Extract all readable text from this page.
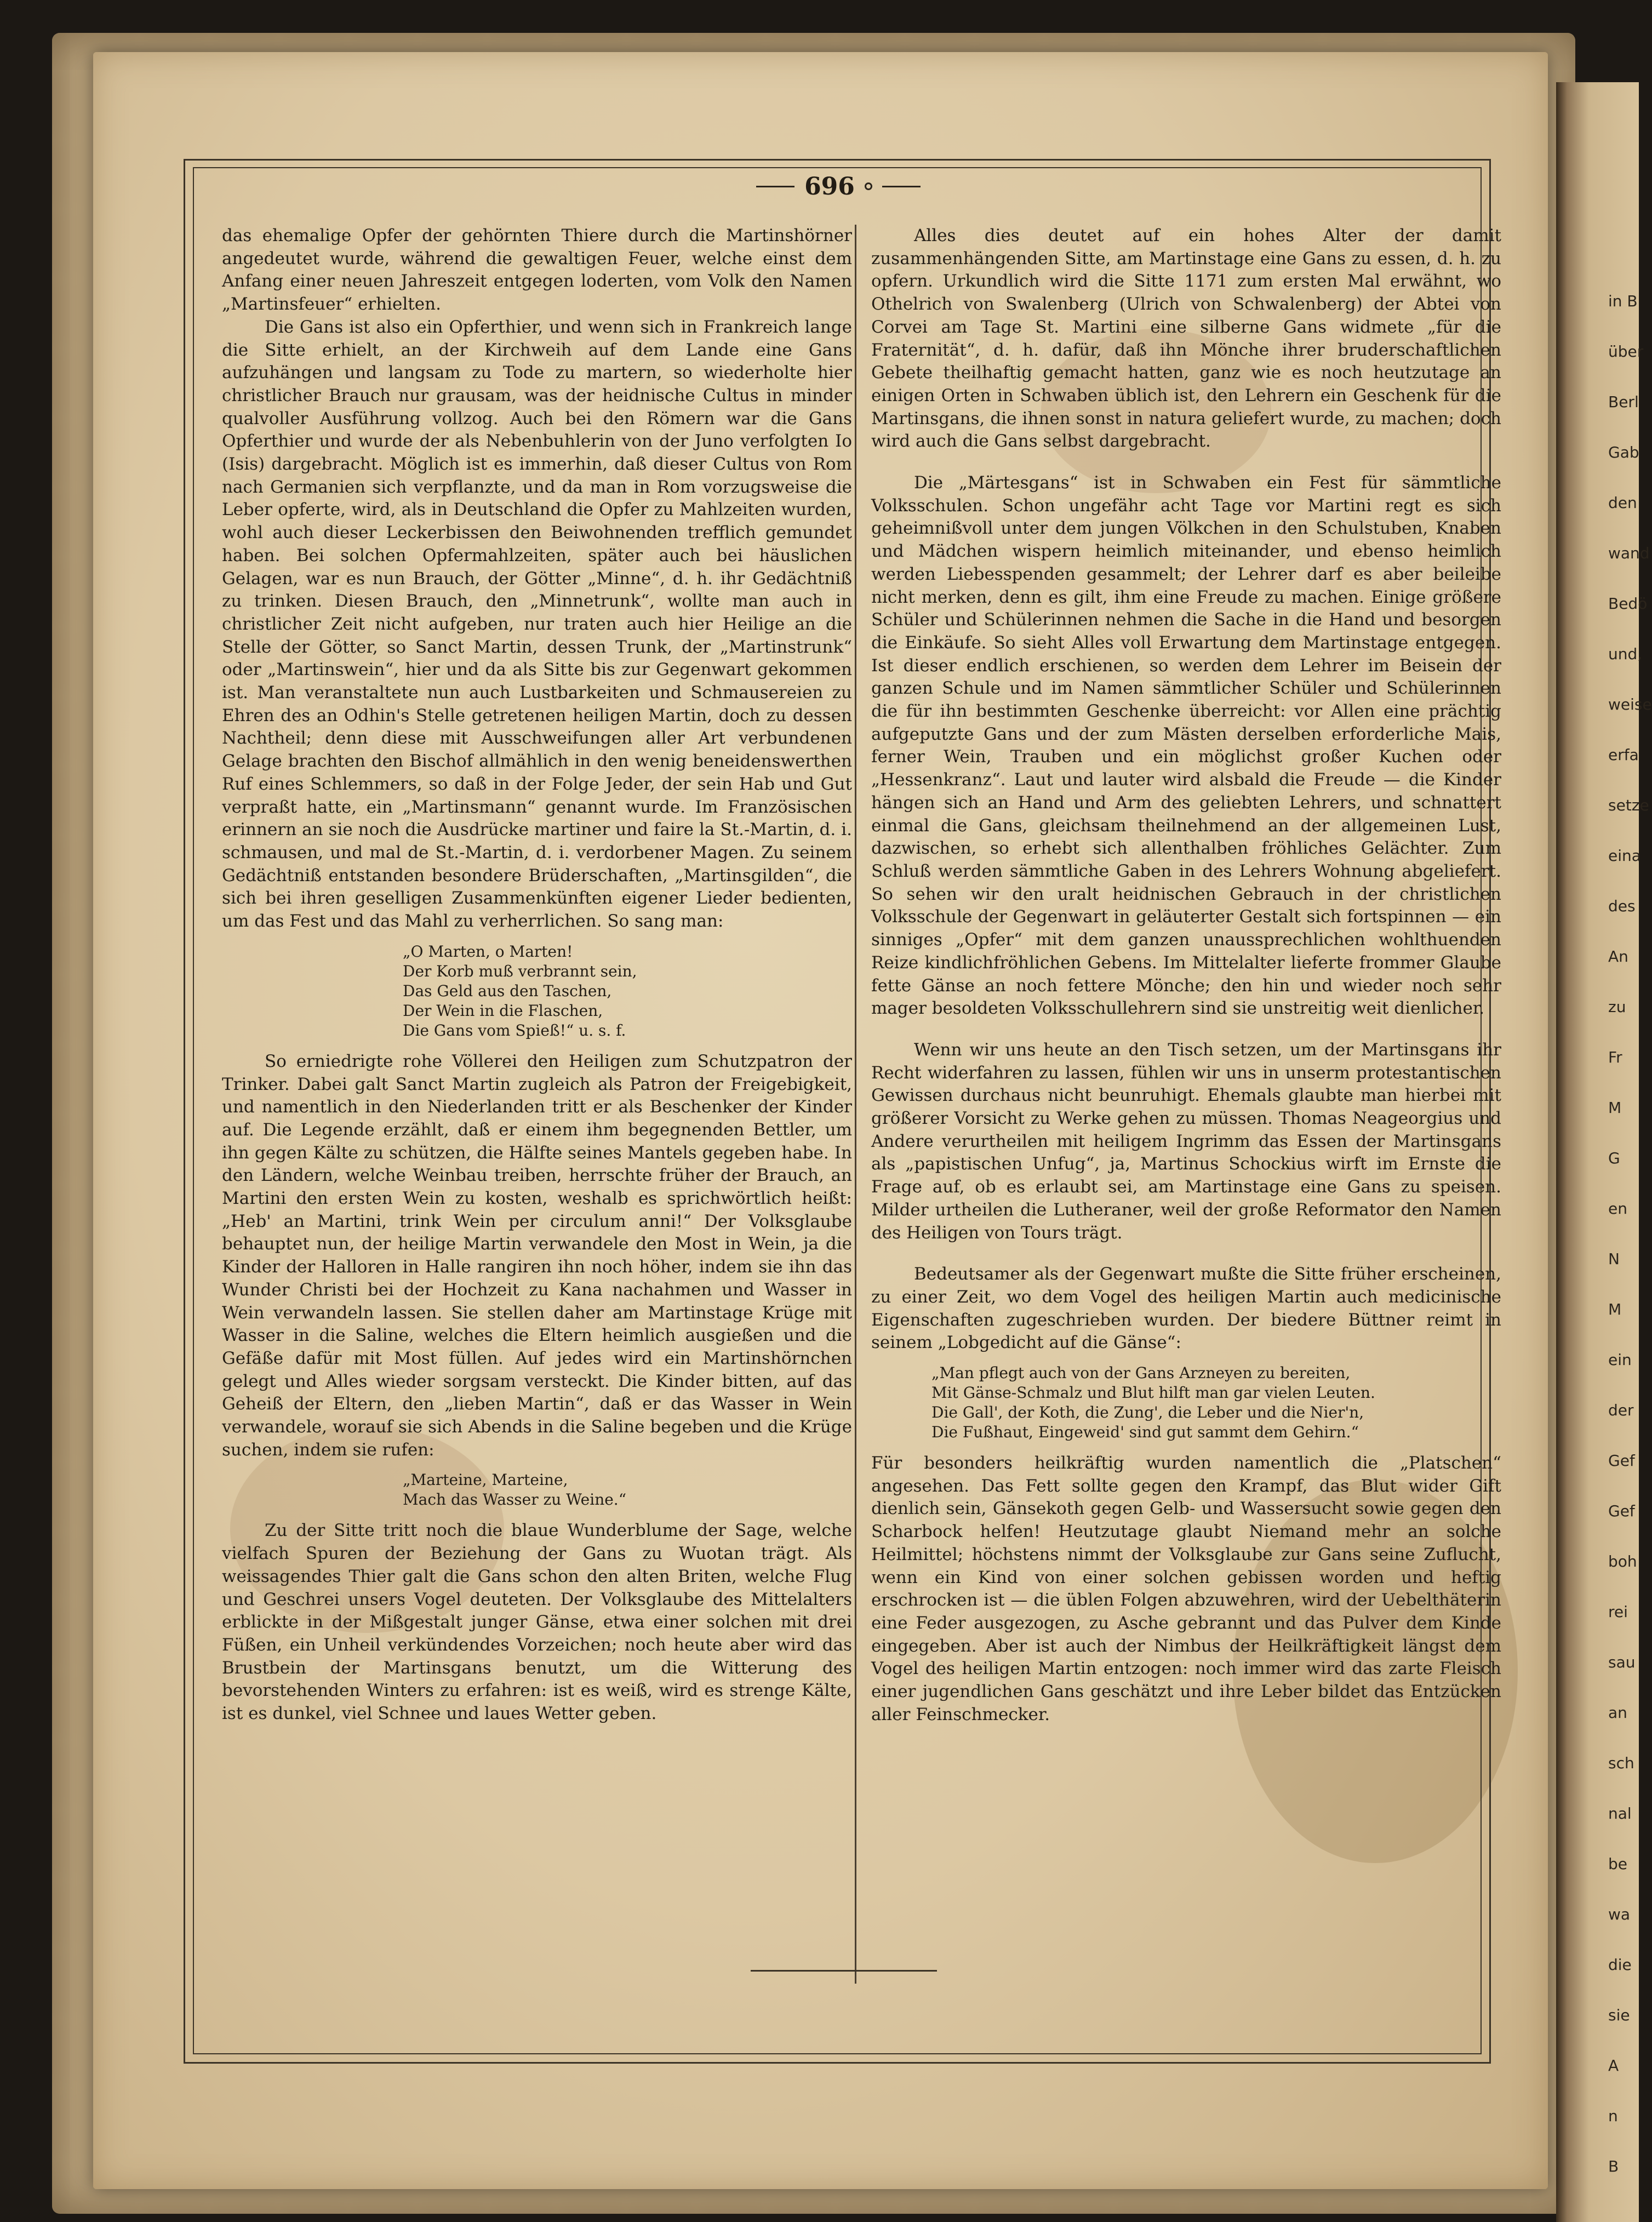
in B
über
Berl
Gab
den
wand
Bedö
und,
weise
erfa
setze
eina
des
An
zu
Fr
M
G
en
N
M
ein
der
Gef
Gef
boh
rei
sau
an
sch
nal
be
wa
die
sie
A
n
B
696

das ehemalige Opfer der gehörnten Thiere durch die Martinshörner angedeutet wurde, während die gewaltigen Feuer, welche einst dem Anfang einer neuen Jahreszeit entgegen loderten, vom Volk den Namen „Martinsfeuer“ erhielten.

Die Gans ist also ein Opferthier, und wenn sich in Frankreich lange die Sitte erhielt, an der Kirchweih auf dem Lande eine Gans aufzuhängen und langsam zu Tode zu martern, so wiederholte hier christlicher Brauch nur grausam, was der heidnische Cultus in minder qualvoller Ausführung vollzog. Auch bei den Römern war die Gans Opferthier und wurde der als Nebenbuhlerin von der Juno verfolgten Io (Isis) dargebracht. Möglich ist es immerhin, daß dieser Cultus von Rom nach Germanien sich verpflanzte, und da man in Rom vorzugsweise die Leber opferte, wird, als in Deutschland die Opfer zu Mahlzeiten wurden, wohl auch dieser Leckerbissen den Beiwohnenden trefflich gemundet haben. Bei solchen Opfermahlzeiten, später auch bei häuslichen Gelagen, war es nun Brauch, der Götter „Minne“, d. h. ihr Gedächtniß zu trinken. Diesen Brauch, den „Minnetrunk“, wollte man auch in christlicher Zeit nicht aufgeben, nur traten auch hier Heilige an die Stelle der Götter, so Sanct Martin, dessen Trunk, der „Martinstrunk“ oder „Martinswein“, hier und da als Sitte bis zur Gegenwart gekommen ist. Man veranstaltete nun auch Lustbarkeiten und Schmausereien zu Ehren des an Odhin's Stelle getretenen heiligen Martin, doch zu dessen Nachtheil; denn diese mit Ausschweifungen aller Art verbundenen Gelage brachten den Bischof allmählich in den wenig beneidenswerthen Ruf eines Schlemmers, so daß in der Folge Jeder, der sein Hab und Gut verpraßt hatte, ein „Martinsmann“ genannt wurde. Im Französischen erinnern an sie noch die Ausdrücke martiner und faire la St.-Martin, d. i. schmausen, und mal de St.-Martin, d. i. verdorbener Magen. Zu seinem Gedächtniß entstanden besondere Brüderschaften, „Martinsgilden“, die sich bei ihren geselligen Zusammenkünften eigener Lieder bedienten, um das Fest und das Mahl zu verherrlichen. So sang man:

„O Marten, o Marten!
Der Korb muß verbrannt sein,
Das Geld aus den Taschen,
Der Wein in die Flaschen,
Die Gans vom Spieß!“ u. s. f.

So erniedrigte rohe Völlerei den Heiligen zum Schutzpatron der Trinker. Dabei galt Sanct Martin zugleich als Patron der Freigebigkeit, und namentlich in den Niederlanden tritt er als Beschenker der Kinder auf. Die Legende erzählt, daß er einem ihm begegnenden Bettler, um ihn gegen Kälte zu schützen, die Hälfte seines Mantels gegeben habe. In den Ländern, welche Weinbau treiben, herrschte früher der Brauch, an Martini den ersten Wein zu kosten, weshalb es sprichwörtlich heißt: „Heb' an Martini, trink Wein per circulum anni!“ Der Volksglaube behauptet nun, der heilige Martin verwandele den Most in Wein, ja die Kinder der Halloren in Halle rangiren ihn noch höher, indem sie ihn das Wunder Christi bei der Hochzeit zu Kana nachahmen und Wasser in Wein verwandeln lassen. Sie stellen daher am Martinstage Krüge mit Wasser in die Saline, welches die Eltern heimlich ausgießen und die Gefäße dafür mit Most füllen. Auf jedes wird ein Martinshörnchen gelegt und Alles wieder sorgsam versteckt. Die Kinder bitten, auf das Geheiß der Eltern, den „lieben Martin“, daß er das Wasser in Wein verwandele, worauf sie sich Abends in die Saline begeben und die Krüge suchen, indem sie rufen:

„Marteine, Marteine,
Mach das Wasser zu Weine.“

Zu der Sitte tritt noch die blaue Wunderblume der Sage, welche vielfach Spuren der Beziehung der Gans zu Wuotan trägt. Als weissagendes Thier galt die Gans schon den alten Briten, welche Flug und Geschrei unsers Vogel deuteten. Der Volksglaube des Mittelalters erblickte in der Mißgestalt junger Gänse, etwa einer solchen mit drei Füßen, ein Unheil verkündendes Vorzeichen; noch heute aber wird das Brustbein der Martinsgans benutzt, um die Witterung des bevorstehenden Winters zu erfahren: ist es weiß, wird es strenge Kälte, ist es dunkel, viel Schnee und laues Wetter geben.

Alles dies deutet auf ein hohes Alter der damit zusammenhängenden Sitte, am Martinstage eine Gans zu essen, d. h. zu opfern. Urkundlich wird die Sitte 1171 zum ersten Mal erwähnt, wo Othelrich von Swalenberg (Ulrich von Schwalenberg) der Abtei von Corvei am Tage St. Martini eine silberne Gans widmete „für die Fraternität“, d. h. dafür, daß ihn Mönche ihrer bruderschaftlichen Gebete theilhaftig gemacht hatten, ganz wie es noch heutzutage an einigen Orten in Schwaben üblich ist, den Lehrern ein Geschenk für die Martinsgans, die ihnen sonst in natura geliefert wurde, zu machen; doch wird auch die Gans selbst dargebracht.

Die „Märtesgans“ ist in Schwaben ein Fest für sämmtliche Volksschulen. Schon ungefähr acht Tage vor Martini regt es sich geheimnißvoll unter dem jungen Völkchen in den Schulstuben, Knaben und Mädchen wispern heimlich miteinander, und ebenso heimlich werden Liebesspenden gesammelt; der Lehrer darf es aber beileibe nicht merken, denn es gilt, ihm eine Freude zu machen. Einige größere Schüler und Schülerinnen nehmen die Sache in die Hand und besorgen die Einkäufe. So sieht Alles voll Erwartung dem Martinstage entgegen. Ist dieser endlich erschienen, so werden dem Lehrer im Beisein der ganzen Schule und im Namen sämmtlicher Schüler und Schülerinnen die für ihn bestimmten Geschenke überreicht: vor Allen eine prächtig aufgeputzte Gans und der zum Mästen derselben erforderliche Mais, ferner Wein, Trauben und ein möglichst großer Kuchen oder „Hessenkranz“. Laut und lauter wird alsbald die Freude — die Kinder hängen sich an Hand und Arm des geliebten Lehrers, und schnattert einmal die Gans, gleichsam theilnehmend an der allgemeinen Lust, dazwischen, so erhebt sich allenthalben fröhliches Gelächter. Zum Schluß werden sämmtliche Gaben in des Lehrers Wohnung abgeliefert. So sehen wir den uralt heidnischen Gebrauch in der christlichen Volksschule der Gegenwart in geläuterter Gestalt sich fortspinnen — ein sinniges „Opfer“ mit dem ganzen unaussprechlichen wohlthuenden Reize kindlichfröhlichen Gebens. Im Mittelalter lieferte frommer Glaube fette Gänse an noch fettere Mönche; den hin und wieder noch sehr mager besoldeten Volksschullehrern sind sie unstreitig weit dienlicher.

Wenn wir uns heute an den Tisch setzen, um der Martinsgans ihr Recht widerfahren zu lassen, fühlen wir uns in unserm protestantischen Gewissen durchaus nicht beunruhigt. Ehemals glaubte man hierbei mit größerer Vorsicht zu Werke gehen zu müssen. Thomas Neageorgius und Andere verurtheilen mit heiligem Ingrimm das Essen der Martinsgans als „papistischen Unfug“, ja, Martinus Schockius wirft im Ernste die Frage auf, ob es erlaubt sei, am Martinstage eine Gans zu speisen. Milder urtheilen die Lutheraner, weil der große Reformator den Namen des Heiligen von Tours trägt.

Bedeutsamer als der Gegenwart mußte die Sitte früher erscheinen, zu einer Zeit, wo dem Vogel des heiligen Martin auch medicinische Eigenschaften zugeschrieben wurden. Der biedere Büttner reimt in seinem „Lobgedicht auf die Gänse“:

„Man pflegt auch von der Gans Arzneyen zu bereiten,
Mit Gänse-Schmalz und Blut hilft man gar vielen Leuten.
Die Gall', der Koth, die Zung', die Leber und die Nier'n,
Die Fußhaut, Eingeweid' sind gut sammt dem Gehirn.“

Für besonders heilkräftig wurden namentlich die „Platschen“ angesehen. Das Fett sollte gegen den Krampf, das Blut wider Gift dienlich sein, Gänsekoth gegen Gelb- und Wassersucht sowie gegen den Scharbock helfen! Heutzutage glaubt Niemand mehr an solche Heilmittel; höchstens nimmt der Volksglaube zur Gans seine Zuflucht, wenn ein Kind von einer solchen gebissen worden und heftig erschrocken ist — die üblen Folgen abzuwehren, wird der Uebelthäterin eine Feder ausgezogen, zu Asche gebrannt und das Pulver dem Kinde eingegeben. Aber ist auch der Nimbus der Heilkräftigkeit längst dem Vogel des heiligen Martin entzogen: noch immer wird das zarte Fleisch einer jugendlichen Gans geschätzt und ihre Leber bildet das Entzücken aller Feinschmecker.
